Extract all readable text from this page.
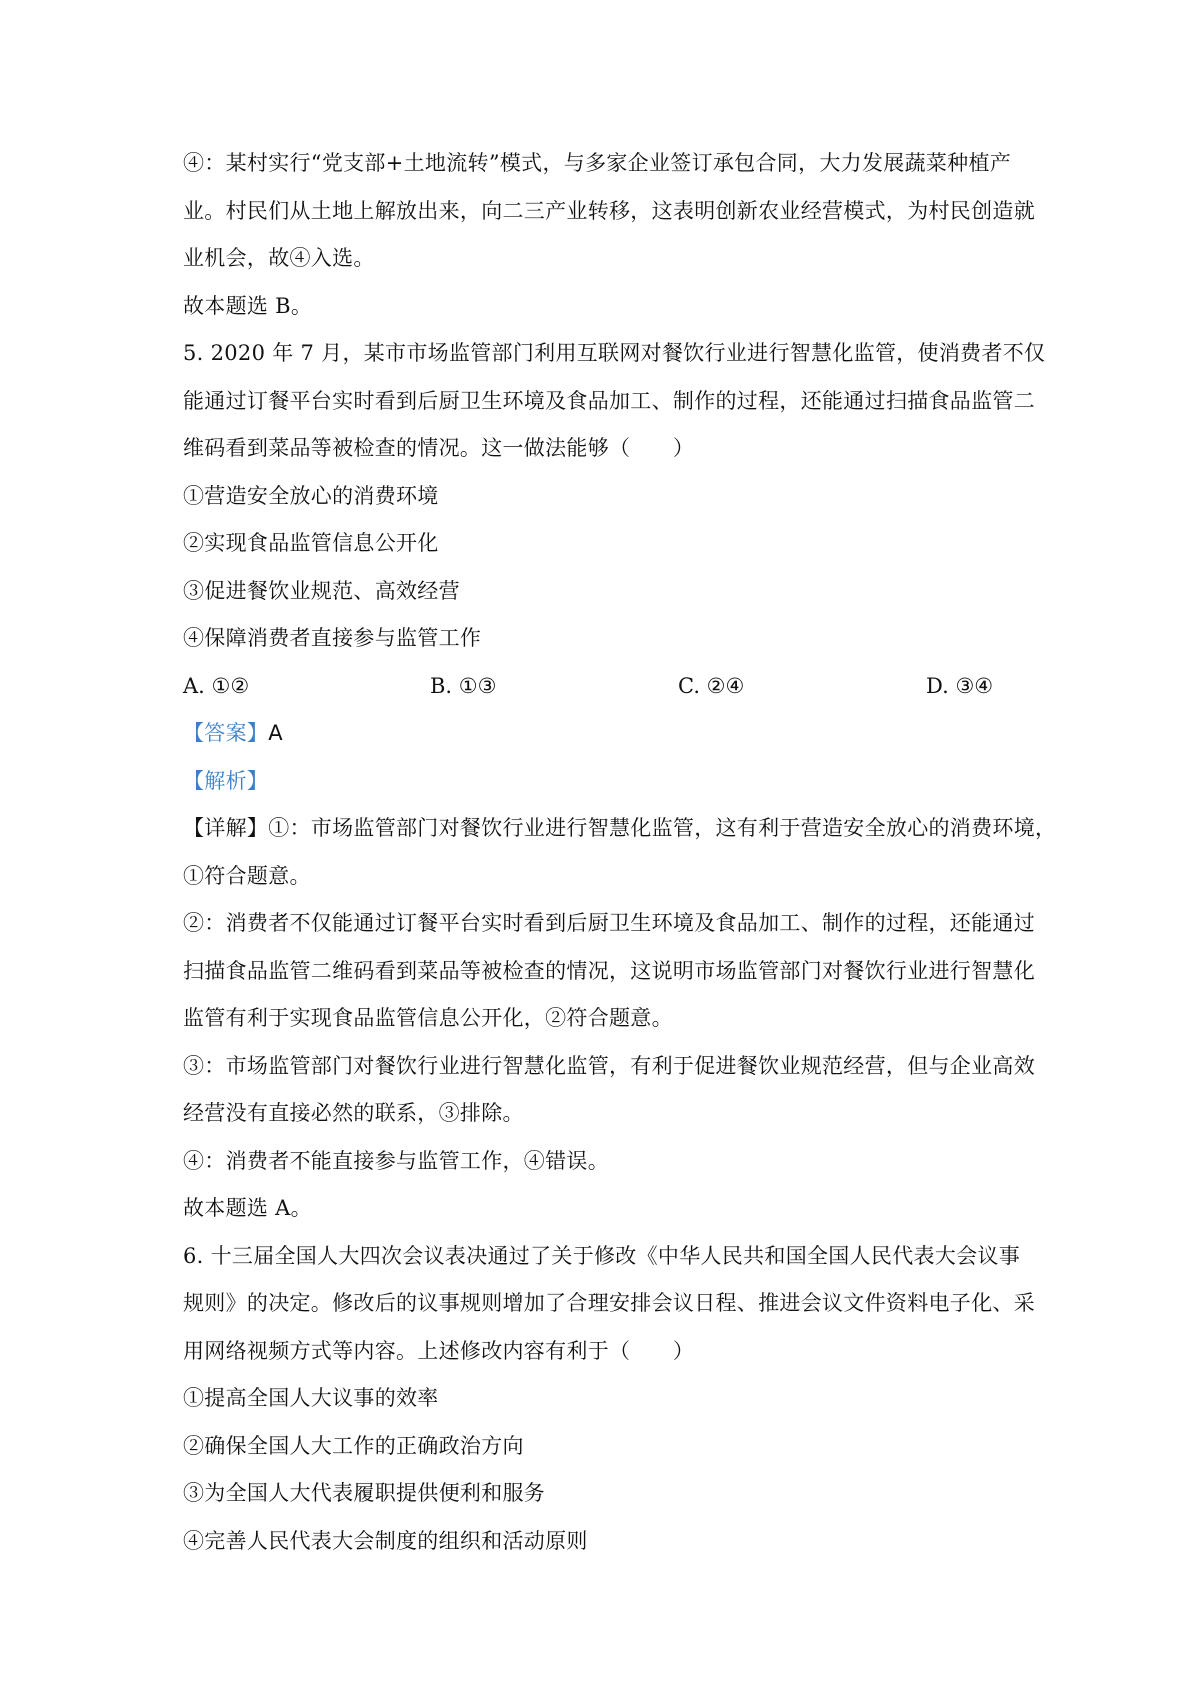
④：某村实行“党支部+土地流转”模式，与多家企业签订承包合同，大力发展蔬菜种植产
业。村民们从土地上解放出来，向二三产业转移，这表明创新农业经营模式，为村民创造就
业机会，故④入选。
故本题选 B。
5. 2020 年 7 月，某市市场监管部门利用互联网对餐饮行业进行智慧化监管，使消费者不仅
能通过订餐平台实时看到后厨卫生环境及食品加工、制作的过程，还能通过扫描食品监管二
维码看到菜品等被检查的情况。这一做法能够（　　）
①营造安全放心的消费环境
②实现食品监管信息公开化
③促进餐饮业规范、高效经营
④保障消费者直接参与监管工作
A. ①②	B. ①③	C. ②④	D. ③④
【答案】A
【解析】
【详解】①：市场监管部门对餐饮行业进行智慧化监管，这有利于营造安全放心的消费环境，
①符合题意。
②：消费者不仅能通过订餐平台实时看到后厨卫生环境及食品加工、制作的过程，还能通过
扫描食品监管二维码看到菜品等被检查的情况，这说明市场监管部门对餐饮行业进行智慧化
监管有利于实现食品监管信息公开化，②符合题意。
③：市场监管部门对餐饮行业进行智慧化监管，有利于促进餐饮业规范经营，但与企业高效
经营没有直接必然的联系，③排除。
④：消费者不能直接参与监管工作，④错误。
故本题选 A。
6. 十三届全国人大四次会议表决通过了关于修改《中华人民共和国全国人民代表大会议事
规则》的决定。修改后的议事规则增加了合理安排会议日程、推进会议文件资料电子化、采
用网络视频方式等内容。上述修改内容有利于（　　）
①提高全国人大议事的效率
②确保全国人大工作的正确政治方向
③为全国人大代表履职提供便利和服务
④完善人民代表大会制度的组织和活动原则
